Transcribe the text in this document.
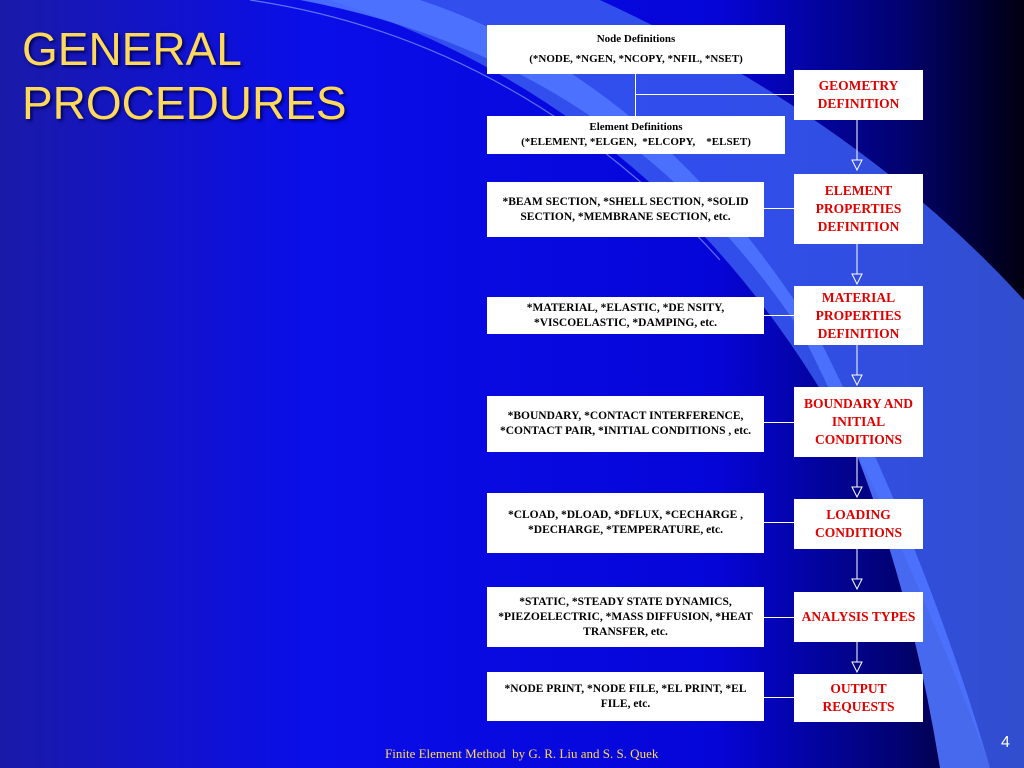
GENERAL
PROCEDURES
Node Definitions
(*NODE, *NGEN, *NCOPY, *NFIL, *NSET)
Element Definitions
(*ELEMENT, *ELGEN,  *ELCOPY,    *ELSET)
*BEAM SECTION, *SHELL SECTION, *SOLID SECTION, *MEMBRANE SECTION, etc.
*MATERIAL, *ELASTIC, *DE NSITY, *VISCOELASTIC, *DAMPING, etc.
*BOUNDARY, *CONTACT INTERFERENCE, *CONTACT PAIR, *INITIAL CONDITIONS , etc.
*CLOAD, *DLOAD, *DFLUX, *CECHARGE , *DECHARGE, *TEMPERATURE, etc.
*STATIC, *STEADY STATE DYNAMICS, *PIEZOELECTRIC, *MASS DIFFUSION, *HEAT TRANSFER, etc.
*NODE PRINT, *NODE FILE, *EL PRINT, *EL FILE, etc.
GEOMETRY DEFINITION
ELEMENT PROPERTIES DEFINITION
MATERIAL PROPERTIES DEFINITION
BOUNDARY AND INITIAL CONDITIONS
LOADING CONDITIONS
ANALYSIS TYPES
OUTPUT REQUESTS
Finite Element Method  by G. R. Liu and S. S. Quek
4
